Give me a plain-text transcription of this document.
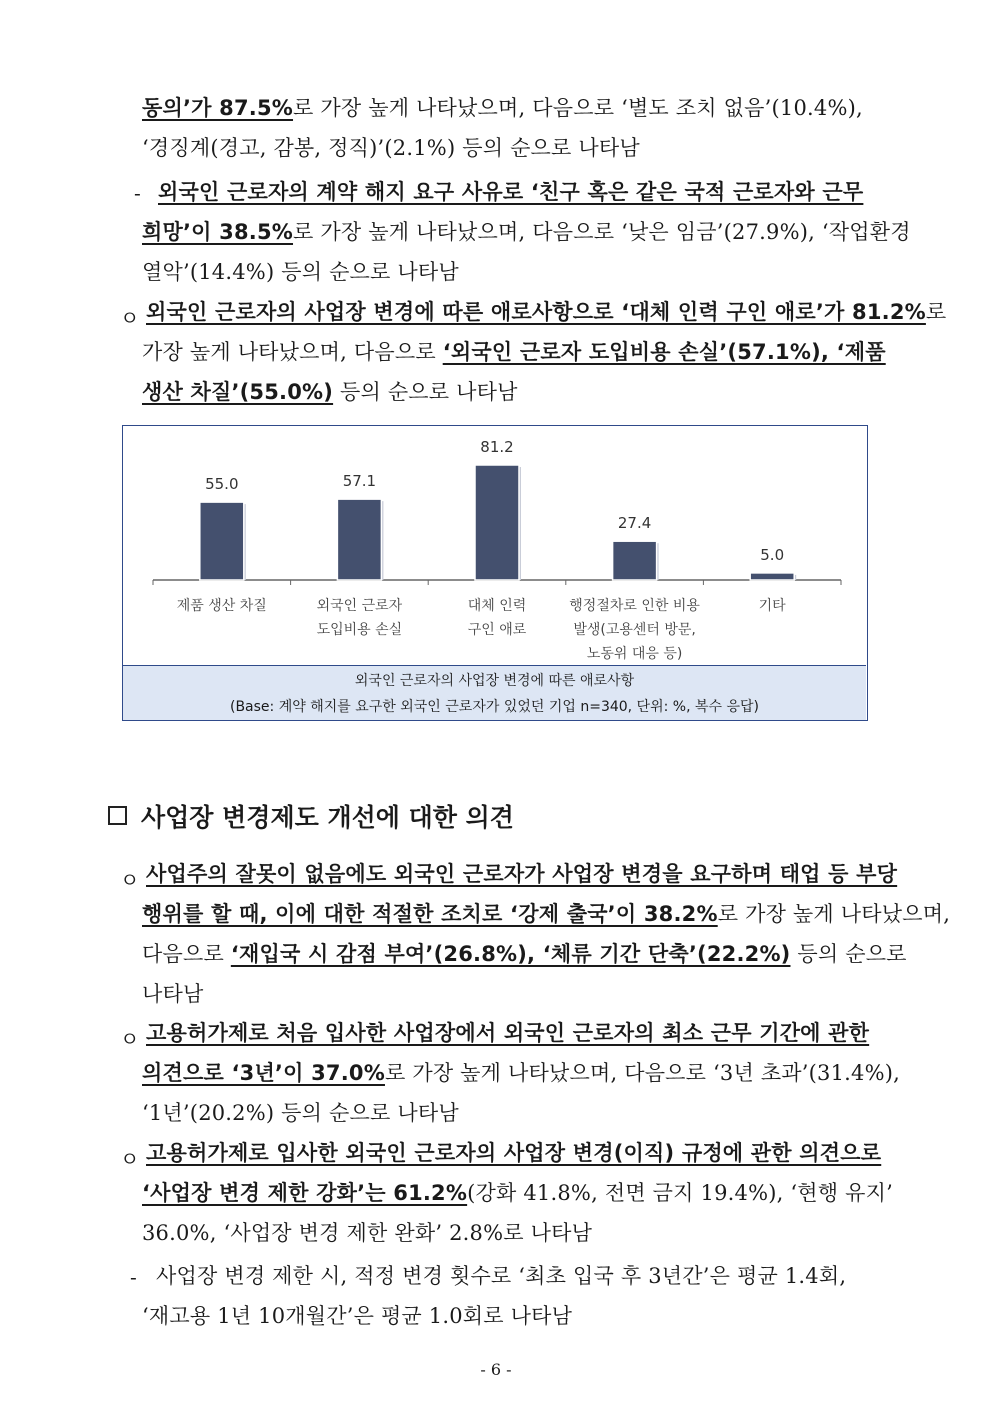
동의’가 87.5%로 가장 높게 나타났으며, 다음으로 ‘별도 조치 없음’(10.4%),
‘경징계(경고, 감봉, 정직)’(2.1%) 등의 순으로 나타남
- 외국인 근로자의 계약 해지 요구 사유로 ‘친구 혹은 같은 국적 근로자와 근무
희망’이 38.5%로 가장 높게 나타났으며, 다음으로 ‘낮은 임금’(27.9%), ‘작업환경
열악’(14.4%) 등의 순으로 나타남
ㅇ 외국인 근로자의 사업장 변경에 따른 애로사항으로 ‘대체 인력 구인 애로’가 81.2%로
가장 높게 나타났으며, 다음으로 ‘외국인 근로자 도입비용 손실’(57.1%), ‘제품
생산 차질’(55.0%) 등의 순으로 나타남
55.0
제품 생산 차질
57.1
외국인 근로자
도입비용 손실
81.2
대체 인력
구인 애로
27.4
행정절차로 인한 비용
발생(고용센터 방문,
노동위 대응 등)
5.0
기타
외국인 근로자의 사업장 변경에 따른 애로사항
(Base: 계약 해지를 요구한 외국인 근로자가 있었던 기업 n=340, 단위: %, 복수 응답)
사업장 변경제도 개선에 대한 의견
ㅇ 사업주의 잘못이 없음에도 외국인 근로자가 사업장 변경을 요구하며 태업 등 부당
행위를 할 때, 이에 대한 적절한 조치로 ‘강제 출국’이 38.2%로 가장 높게 나타났으며,
다음으로 ‘재입국 시 감점 부여’(26.8%), ‘체류 기간 단축’(22.2%) 등의 순으로
나타남
ㅇ 고용허가제로 처음 입사한 사업장에서 외국인 근로자의 최소 근무 기간에 관한
의견으로 ‘3년’이 37.0%로 가장 높게 나타났으며, 다음으로 ‘3년 초과’(31.4%),
‘1년’(20.2%) 등의 순으로 나타남
ㅇ 고용허가제로 입사한 외국인 근로자의 사업장 변경(이직) 규정에 관한 의견으로
‘사업장 변경 제한 강화’는 61.2%(강화 41.8%, 전면 금지 19.4%), ‘현행 유지’
36.0%, ‘사업장 변경 제한 완화’ 2.8%로 나타남
- 사업장 변경 제한 시, 적정 변경 횟수로 ‘최초 입국 후 3년간’은 평균 1.4회,
‘재고용 1년 10개월간’은 평균 1.0회로 나타남
- 6 -
